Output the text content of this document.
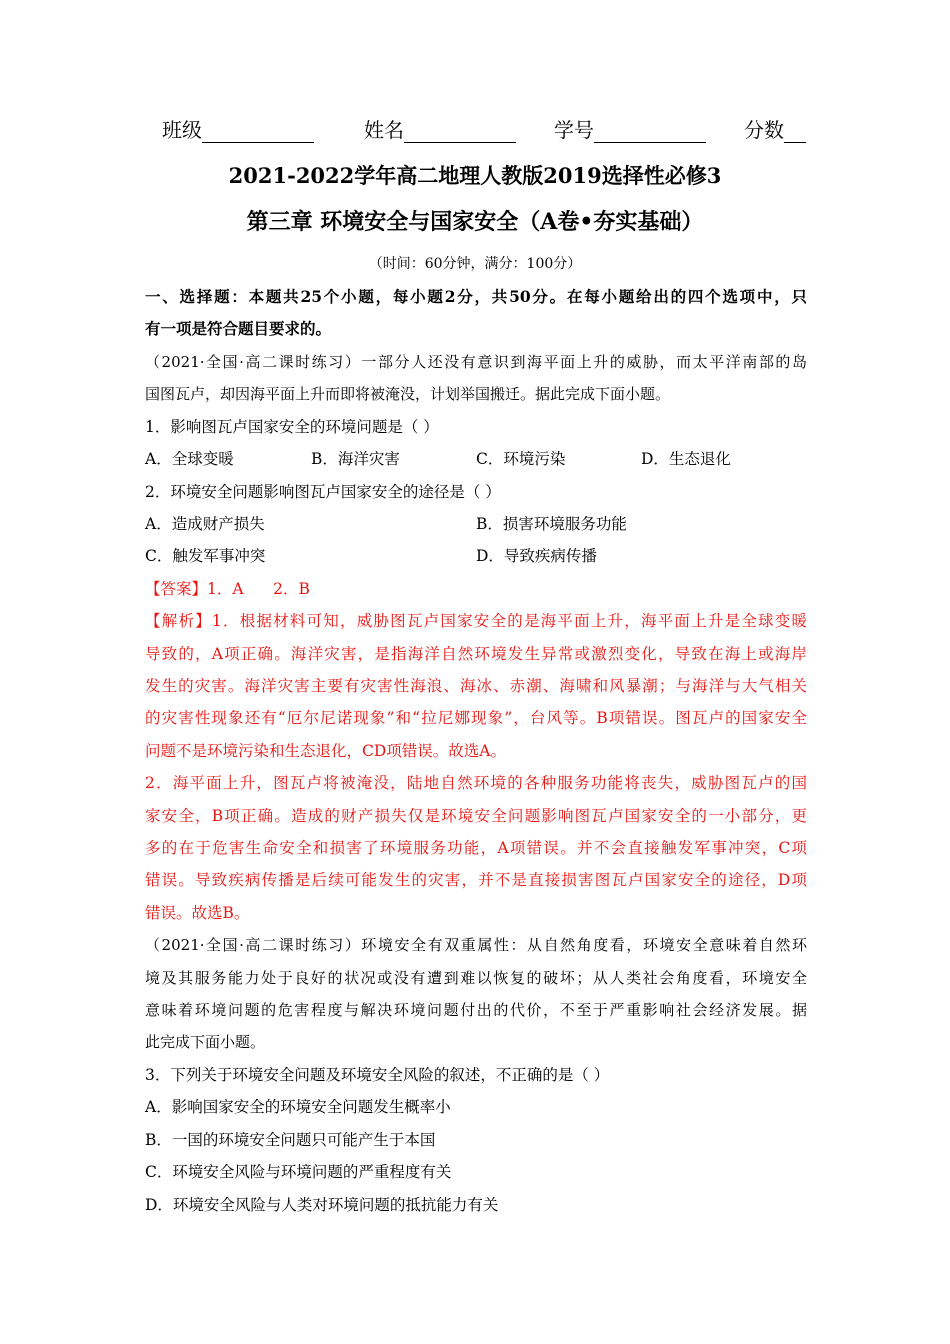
班级	姓名	学号	分数
2021-2022学年高二地理人教版2019选择性必修3
第三章 环境安全与国家安全（A卷•夯实基础）
（时间：60分钟，满分：100分）
一、选择题：本题共25个小题，每小题2分，共50分。在每小题给出的四个选项中，只
有一项是符合题目要求的。
（2021·全国·高二课时练习）一部分人还没有意识到海平面上升的威胁，而太平洋南部的岛
国图瓦卢，却因海平面上升而即将被淹没，计划举国搬迁。据此完成下面小题。
1．影响图瓦卢国家安全的环境问题是（ ）
A．全球变暖	B．海洋灾害	C．环境污染	D．生态退化
2．环境安全问题影响图瓦卢国家安全的途径是（ ）
A．造成财产损失	B．损害环境服务功能
C．触发军事冲突	D．导致疾病传播
【答案】1．A      2．B
【解析】1．根据材料可知，威胁图瓦卢国家安全的是海平面上升，海平面上升是全球变暖
导致的，A项正确。海洋灾害，是指海洋自然环境发生异常或激烈变化，导致在海上或海岸
发生的灾害。海洋灾害主要有灾害性海浪、海冰、赤潮、海啸和风暴潮；与海洋与大气相关
的灾害性现象还有“厄尔尼诺现象”和“拉尼娜现象”，台风等。B项错误。图瓦卢的国家安全
问题不是环境污染和生态退化，CD项错误。故选A。
2．海平面上升，图瓦卢将被淹没，陆地自然环境的各种服务功能将丧失，威胁图瓦卢的国
家安全，B项正确。造成的财产损失仅是环境安全问题影响图瓦卢国家安全的一小部分，更
多的在于危害生命安全和损害了环境服务功能，A项错误。并不会直接触发军事冲突，C项
错误。导致疾病传播是后续可能发生的灾害，并不是直接损害图瓦卢国家安全的途径，D项
错误。故选B。
（2021·全国·高二课时练习）环境安全有双重属性：从自然角度看，环境安全意味着自然环
境及其服务能力处于良好的状况或没有遭到难以恢复的破坏；从人类社会角度看，环境安全
意味着环境问题的危害程度与解决环境问题付出的代价，不至于严重影响社会经济发展。据
此完成下面小题。
3．下列关于环境安全问题及环境安全风险的叙述，不正确的是（ ）
A．影响国家安全的环境安全问题发生概率小
B．一国的环境安全问题只可能产生于本国
C．环境安全风险与环境问题的严重程度有关
D．环境安全风险与人类对环境问题的抵抗能力有关
